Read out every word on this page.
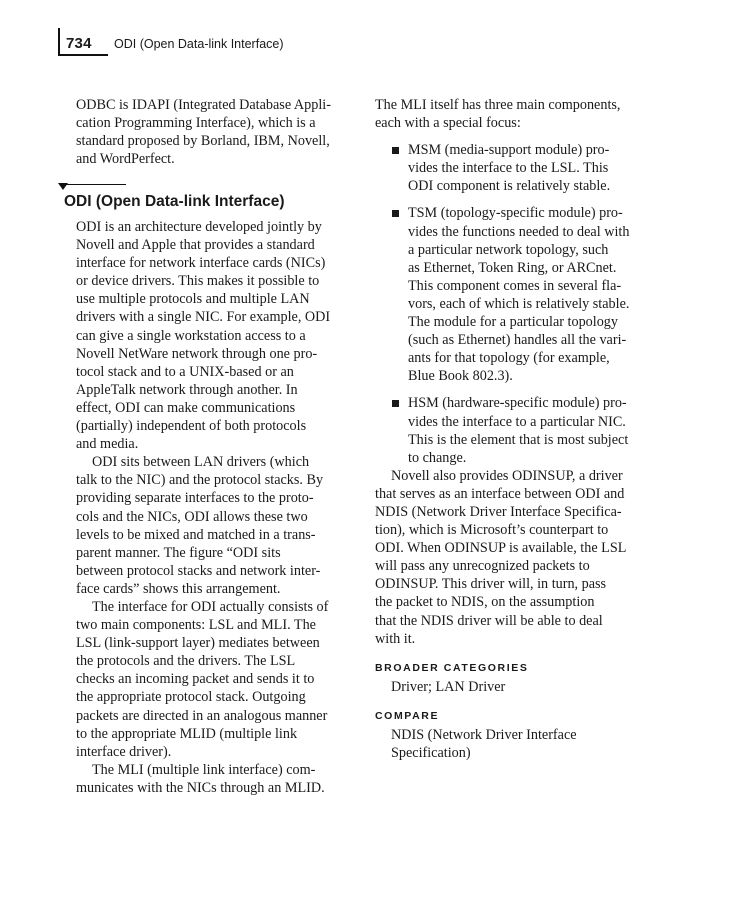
734 ODI (Open Data-link Interface)

ODBC is IDAPI (Integrated Database Appli-
cation Programming Interface), which is a
standard proposed by Borland, IBM, Novell,
and WordPerfect.

ODI (Open Data-link Interface)

ODI is an architecture developed jointly by
Novell and Apple that provides a standard
interface for network interface cards (NICs)
or device drivers. This makes it possible to
use multiple protocols and multiple LAN
drivers with a single NIC. For example, ODI
can give a single workstation access to a
Novell NetWare network through one pro-
tocol stack and to a UNIX-based or an
AppleTalk network through another. In
effect, ODI can make communications
(partially) independent of both protocols
and media.

ODI sits between LAN drivers (which
talk to the NIC) and the protocol stacks. By
providing separate interfaces to the proto-
cols and the NICs, ODI allows these two
levels to be mixed and matched in a trans-
parent manner. The figure “ODI sits
between protocol stacks and network inter-
face cards” shows this arrangement.

The interface for ODI actually consists of
two main components: LSL and MLI. The
LSL (link-support layer) mediates between
the protocols and the drivers. The LSL
checks an incoming packet and sends it to
the appropriate protocol stack. Outgoing
packets are directed in an analogous manner
to the appropriate MLID (multiple link
interface driver).

The MLI (multiple link interface) com-
municates with the NICs through an MLID.

The MLI itself has three main components,
each with a special focus:

MSM (media-support module) pro-
vides the interface to the LSL. This
ODI component is relatively stable.
TSM (topology-specific module) pro-
vides the functions needed to deal with
a particular network topology, such
as Ethernet, Token Ring, or ARCnet.
This component comes in several fla-
vors, each of which is relatively stable.
The module for a particular topology
(such as Ethernet) handles all the vari-
ants for that topology (for example,
Blue Book 802.3).
HSM (hardware-specific module) pro-
vides the interface to a particular NIC.
This is the element that is most subject
to change.

Novell also provides ODINSUP, a driver
that serves as an interface between ODI and
NDIS (Network Driver Interface Specifica-
tion), which is Microsoft’s counterpart to
ODI. When ODINSUP is available, the LSL
will pass any unrecognized packets to
ODINSUP. This driver will, in turn, pass
the packet to NDIS, on the assumption
that the NDIS driver will be able to deal
with it.

BROADER CATEGORIES
Driver; LAN Driver
COMPARE
NDIS (Network Driver Interface
Specification)
